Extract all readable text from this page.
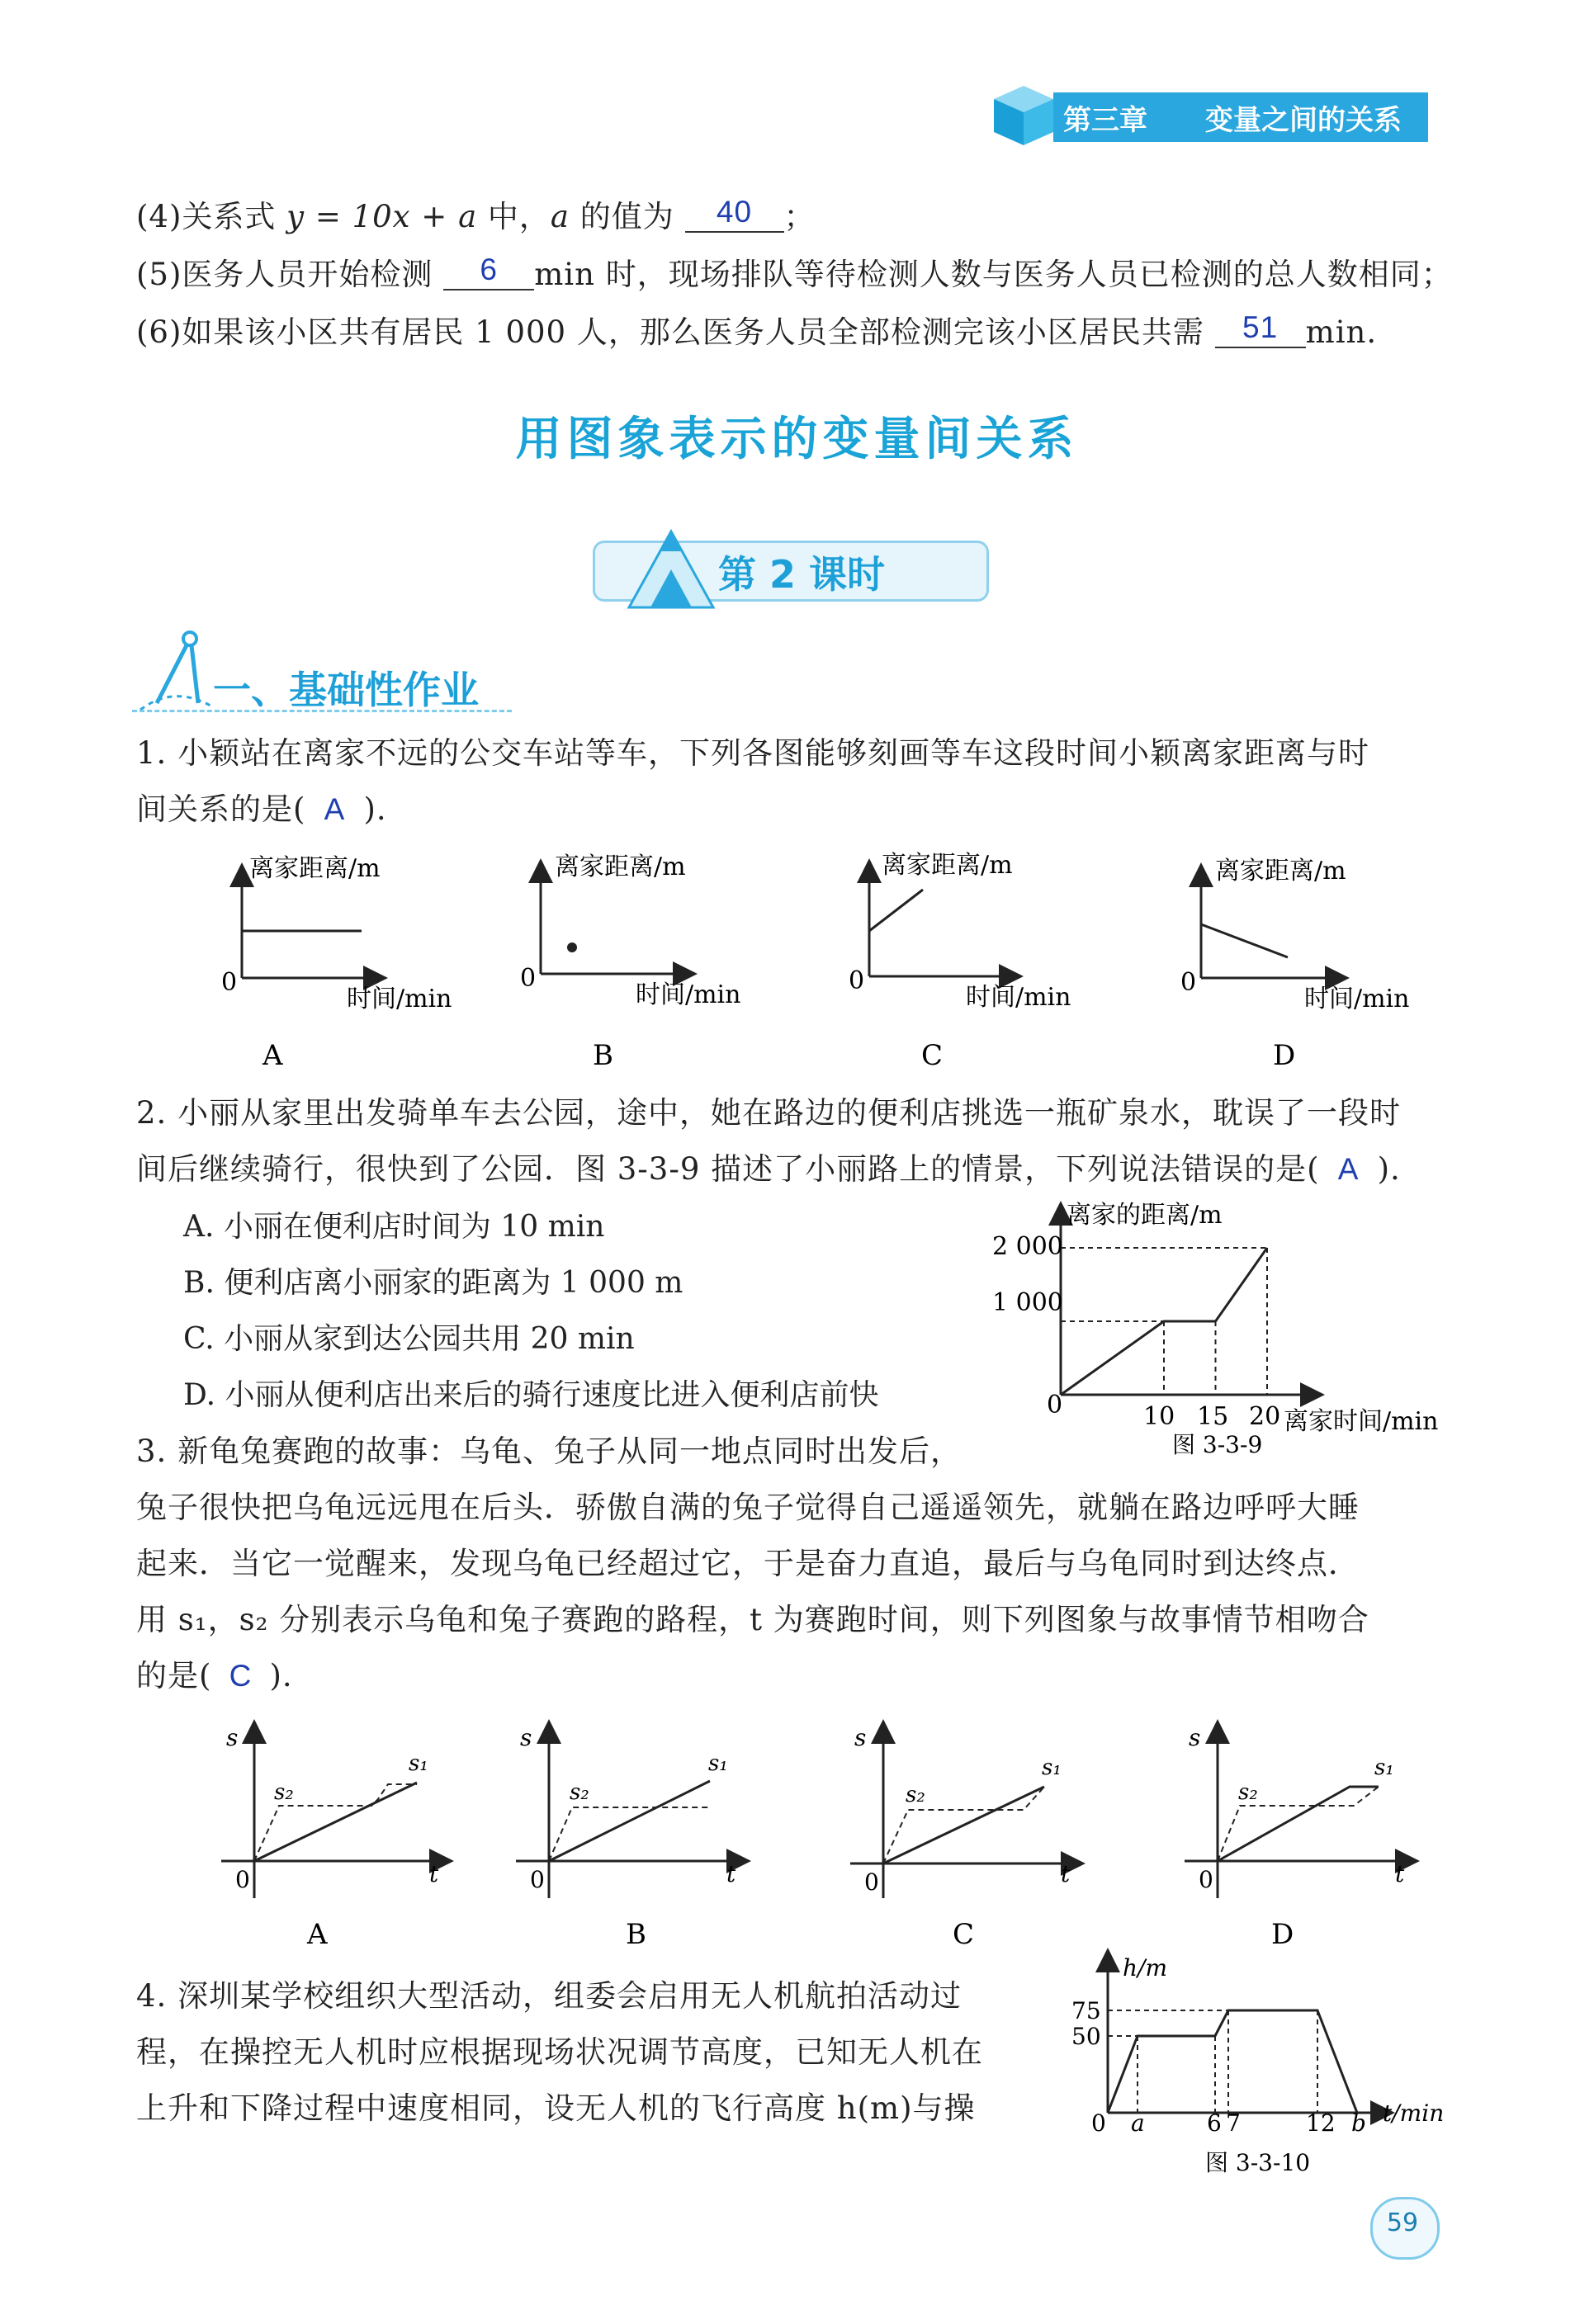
第三章 变量之间的关系
(4)关系式 y = 10x + a 中，a 的值为 40 ；
(5)医务人员开始检测 6 min 时，现场排队等待检测人数与医务人员已检测的总人数相同；
(6)如果该小区共有居民 1 000 人，那么医务人员全部检测完该小区居民共需 51 min.
用图象表示的变量间关系
第 2 课时
一、基础性作业
1. 小颖站在离家不远的公交车站等车，下列各图能够刻画等车这段时间小颖离家距离与时
间关系的是( A ).
离家距离/m
时间/min
0
A
离家距离/m
时间/min
0
B
离家距离/m
时间/min
0
C
离家距离/m
时间/min
0
D
2. 小丽从家里出发骑单车去公园，途中，她在路边的便利店挑选一瓶矿泉水，耽误了一段时
间后继续骑行，很快到了公园．图 3-3-9 描述了小丽路上的情景，下列说法错误的是( A ).
A. 小丽在便利店时间为 10 min
B. 便利店离小丽家的距离为 1 000 m
C. 小丽从家到达公园共用 20 min
D. 小丽从便利店出来后的骑行速度比进入便利店前快
离家的距离/m
离家时间/min
0
2 000
1 000
10 15 20
图 3-3-9
3. 新龟兔赛跑的故事：乌龟、兔子从同一地点同时出发后，
兔子很快把乌龟远远甩在后头．骄傲自满的兔子觉得自己遥遥领先，就躺在路边呼呼大睡
起来．当它一觉醒来，发现乌龟已经超过它，于是奋力直追，最后与乌龟同时到达终点．
用 s₁，s₂ 分别表示乌龟和兔子赛跑的路程，t 为赛跑时间，则下列图象与故事情节相吻合
的是( C ).
s
t
s₁
s₂
0
A
s
t
s₁
s₂
0
B
s
t
s₁
s₂
0
C
s
t
s₁
s₂
0
D
4. 深圳某学校组织大型活动，组委会启用无人机航拍活动过
程，在操控无人机时应根据现场状况调节高度，已知无人机在
上升和下降过程中速度相同，设无人机的飞行高度 h(m)与操
h/m
t/min
75
50
0 a	6 7	12 b
图 3-3-10
59
